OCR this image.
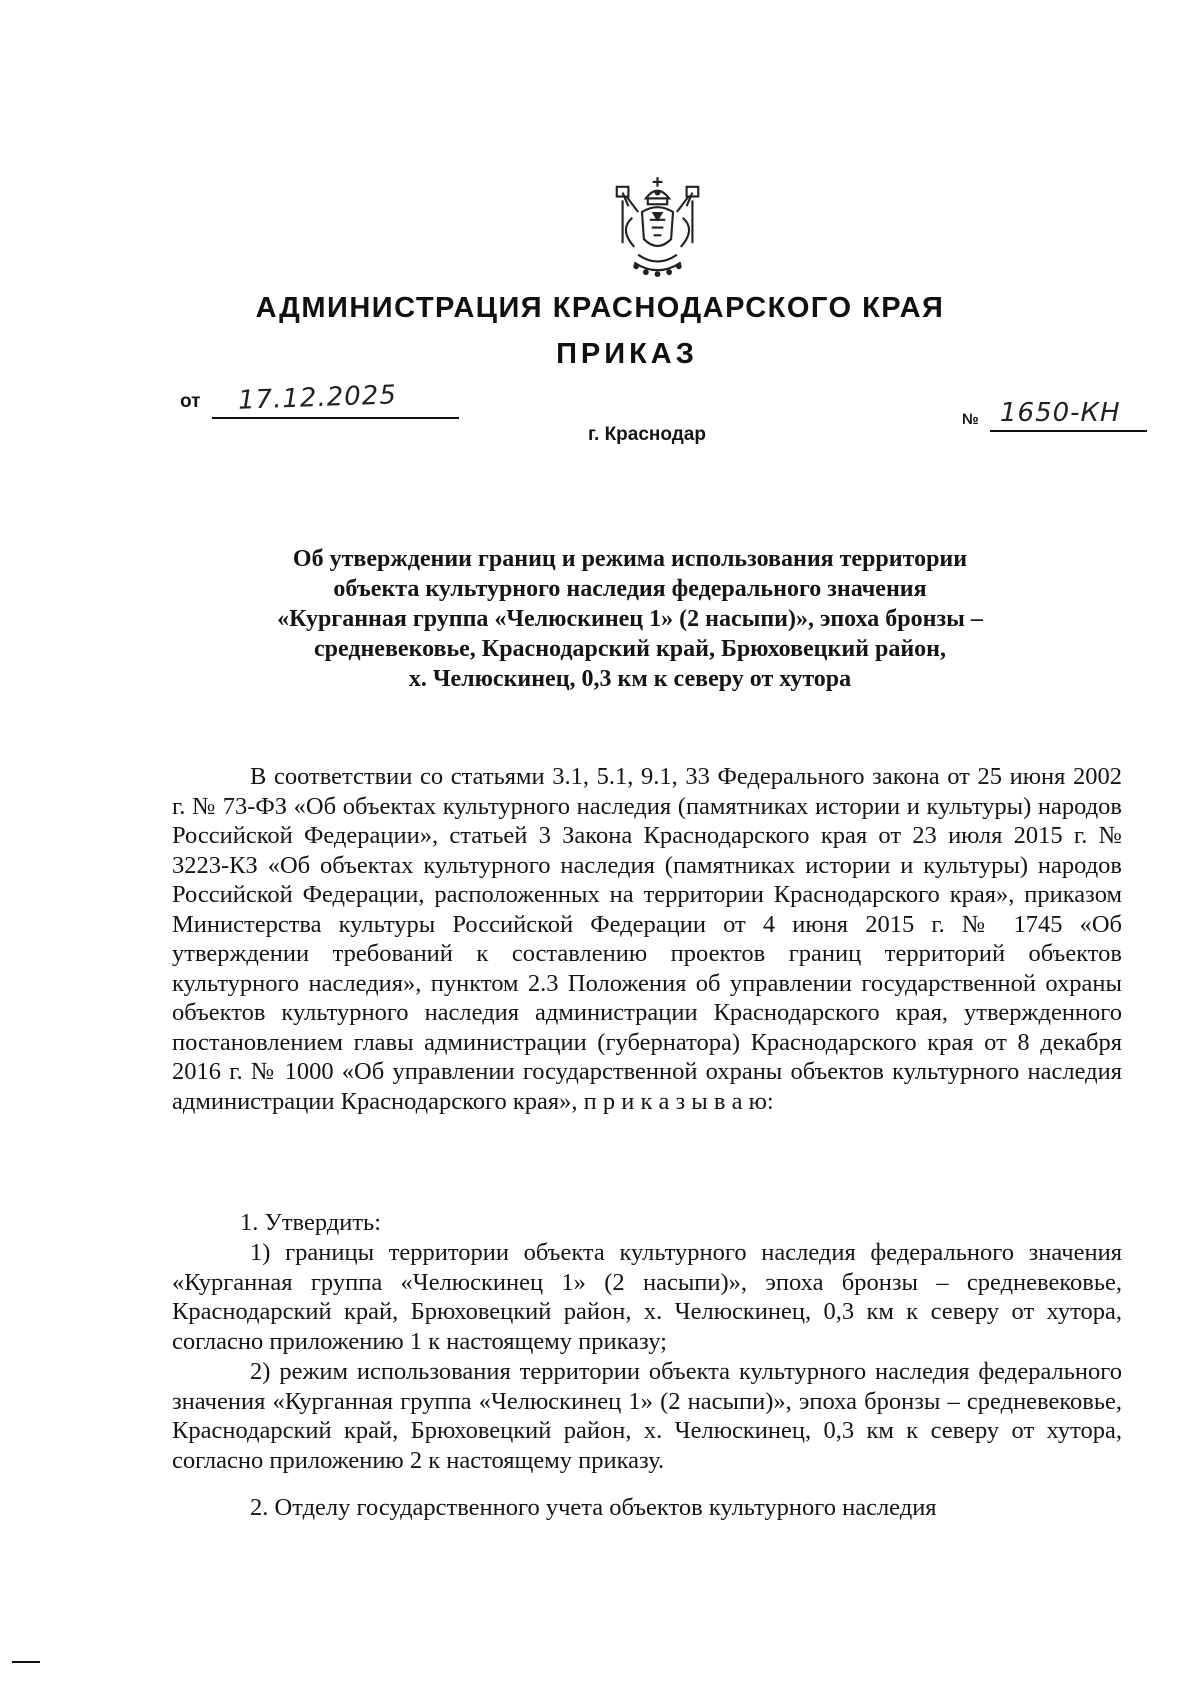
АДМИНИСТРАЦИЯ КРАСНОДАРСКОГО КРАЯ
ПРИКАЗ
от 17.12.2025
г. Краснодар
№ 1650-КН
Об утверждении границ и режима использования территории
объекта культурного наследия федерального значения
«Курганная группа «Челюскинец 1» (2 насыпи)», эпоха бронзы –
средневековье, Краснодарский край, Брюховецкий район,
х. Челюскинец, 0,3 км к северу от хутора

В соответствии со статьями 3.1, 5.1, 9.1, 33 Федерального закона от 25 июня 2002 г. № 73-ФЗ «Об объектах культурного наследия (памятниках истории и культуры) народов Российской Федерации», статьей 3 Закона Краснодарского края от 23 июля 2015 г. № 3223-КЗ «Об объектах культурного наследия (памятниках истории и культуры) народов Российской Федерации, расположенных на территории Краснодарского края», приказом Министерства культуры Российской Федерации от 4 июня 2015 г. № 1745 «Об утверждении требований к составлению проектов границ территорий объектов культурного наследия», пунктом 2.3 Положения об управлении государственной охраны объектов культурного наследия администрации Краснодарского края, утвержденного постановлением главы администрации (губернатора) Краснодарского края от 8 декабря 2016 г. № 1000 «Об управлении государственной охраны объектов культурного наследия администрации Краснодарского края», п р и к а з ы в а ю:

1. Утвердить:

1) границы территории объекта культурного наследия федерального значения «Курганная группа «Челюскинец 1» (2 насыпи)», эпоха бронзы – средневековье, Краснодарский край, Брюховецкий район, х. Челюскинец, 0,3 км к северу от хутора, согласно приложению 1 к настоящему приказу;

2) режим использования территории объекта культурного наследия федерального значения «Курганная группа «Челюскинец 1» (2 насыпи)», эпоха бронзы – средневековье, Краснодарский край, Брюховецкий район, х. Челюскинец, 0,3 км к северу от хутора, согласно приложению 2 к настоящему приказу.

2. Отделу государственного учета объектов культурного наследия
